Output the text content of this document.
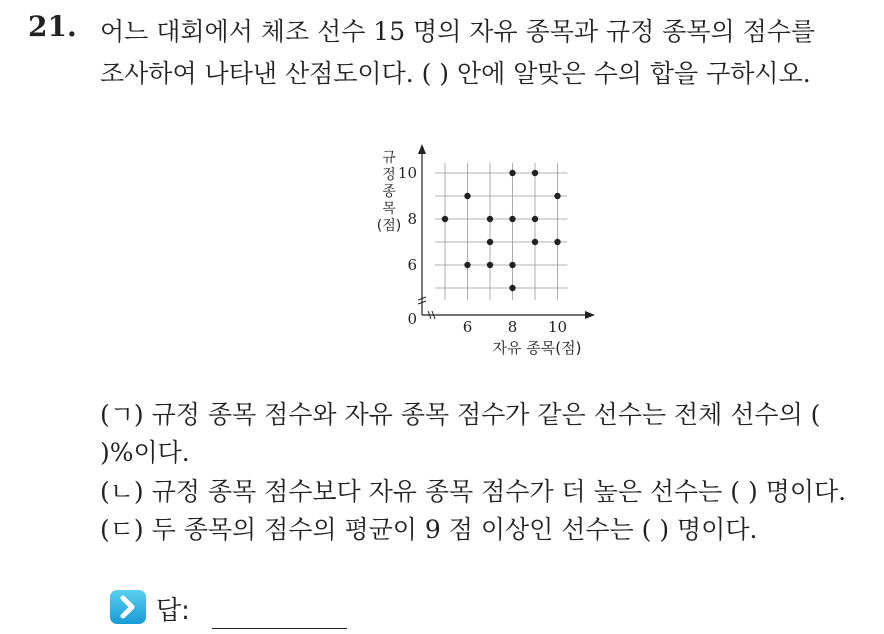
21. 어느 대회에서 체조 선수 15 명의 자유 종목과 규정 종목의 점수를
조사하여 나타낸 산점도이다. ( ) 안에 알맞은 수의 합을 구하시오.
6 8 10
10
8
6
0
자유 종목(점)
규
정
종
목
(점)
(ㄱ) 규정 종목 점수와 자유 종목 점수가 같은 선수는 전체 선수의 (
)%이다.
(ㄴ) 규정 종목 점수보다 자유 종목 점수가 더 높은 선수는 ( ) 명이다.
(ㄷ) 두 종목의 점수의 평균이 9 점 이상인 선수는 ( ) 명이다.
답:
